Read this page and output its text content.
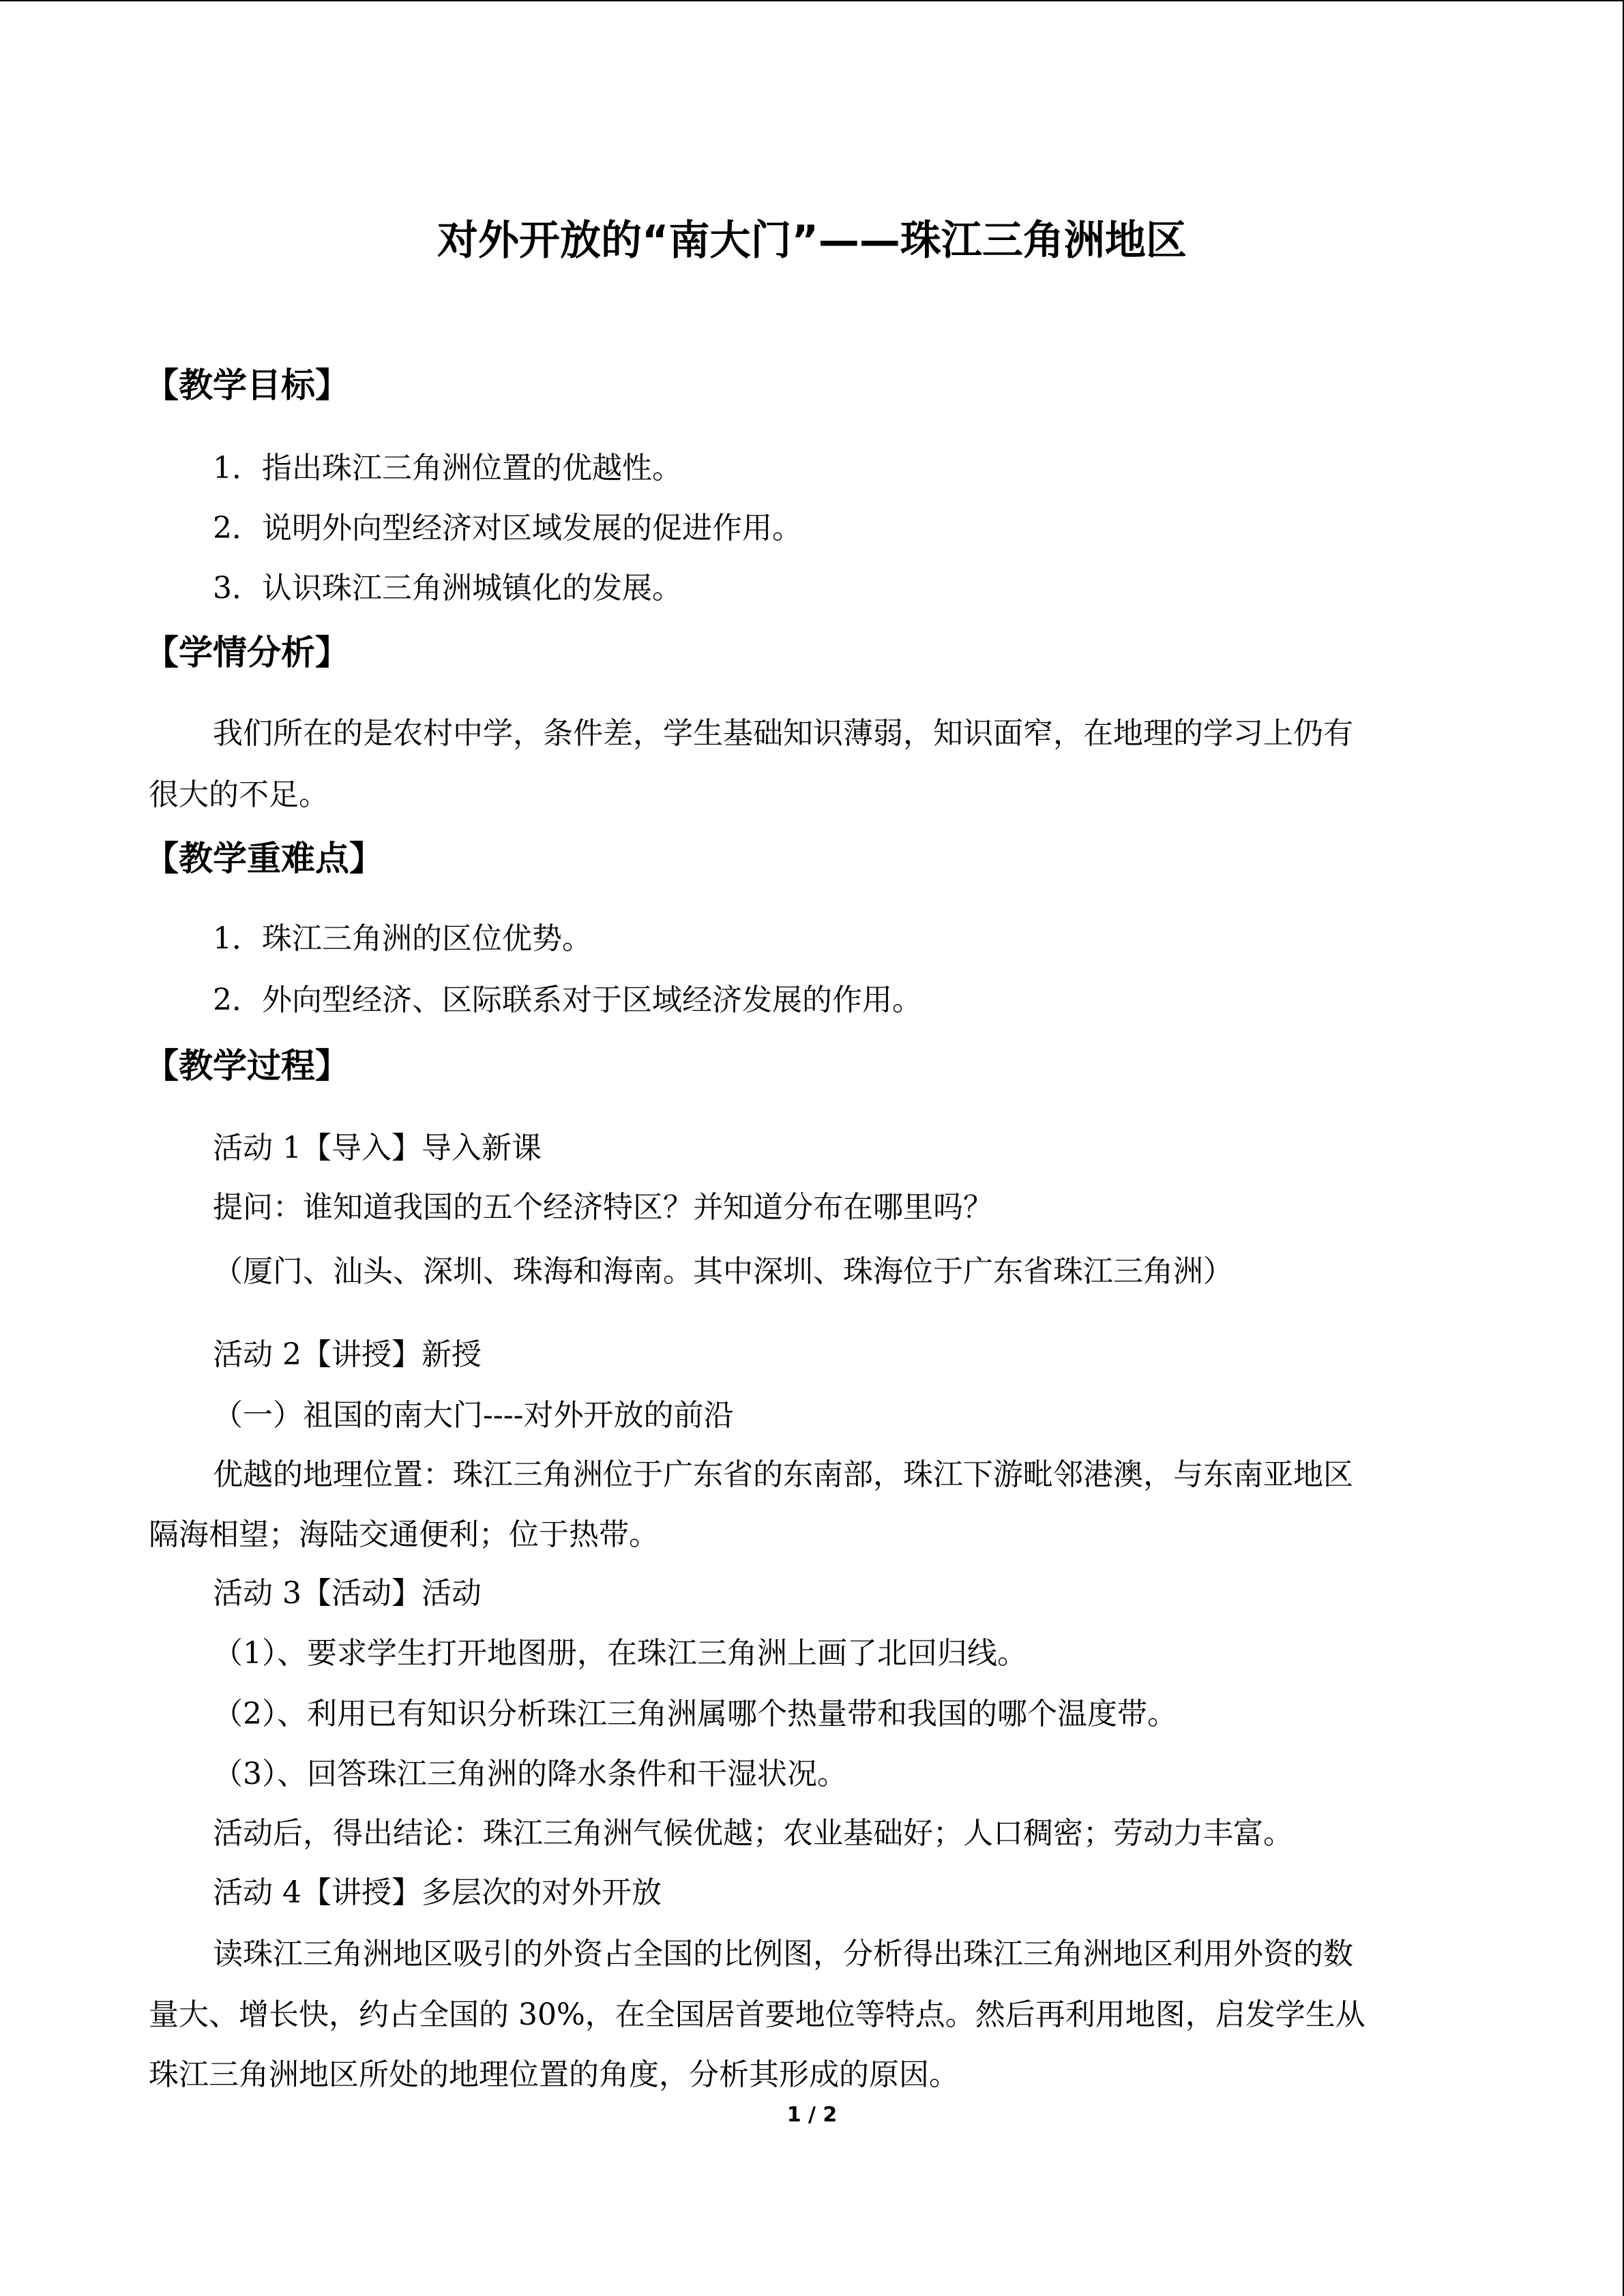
对外开放的“南大门”——珠江三角洲地区
【教学目标】
1．指出珠江三角洲位置的优越性。
2．说明外向型经济对区域发展的促进作用。
3．认识珠江三角洲城镇化的发展。
【学情分析】
我们所在的是农村中学，条件差，学生基础知识薄弱，知识面窄，在地理的学习上仍有
很大的不足。
【教学重难点】
1．珠江三角洲的区位优势。
2．外向型经济、区际联系对于区域经济发展的作用。
【教学过程】
活动 1【导入】导入新课
提问：谁知道我国的五个经济特区？并知道分布在哪里吗？
（厦门、汕头、深圳、珠海和海南。其中深圳、珠海位于广东省珠江三角洲）
活动 2【讲授】新授
（一）祖国的南大门----对外开放的前沿
优越的地理位置：珠江三角洲位于广东省的东南部，珠江下游毗邻港澳，与东南亚地区
隔海相望；海陆交通便利；位于热带。
活动 3【活动】活动
（1）、要求学生打开地图册，在珠江三角洲上画了北回归线。
（2）、利用已有知识分析珠江三角洲属哪个热量带和我国的哪个温度带。
（3）、回答珠江三角洲的降水条件和干湿状况。
活动后，得出结论：珠江三角洲气候优越；农业基础好；人口稠密；劳动力丰富。
活动 4【讲授】多层次的对外开放
读珠江三角洲地区吸引的外资占全国的比例图，分析得出珠江三角洲地区利用外资的数
量大、增长快，约占全国的 30%，在全国居首要地位等特点。然后再利用地图，启发学生从
珠江三角洲地区所处的地理位置的角度，分析其形成的原因。
1 / 2
